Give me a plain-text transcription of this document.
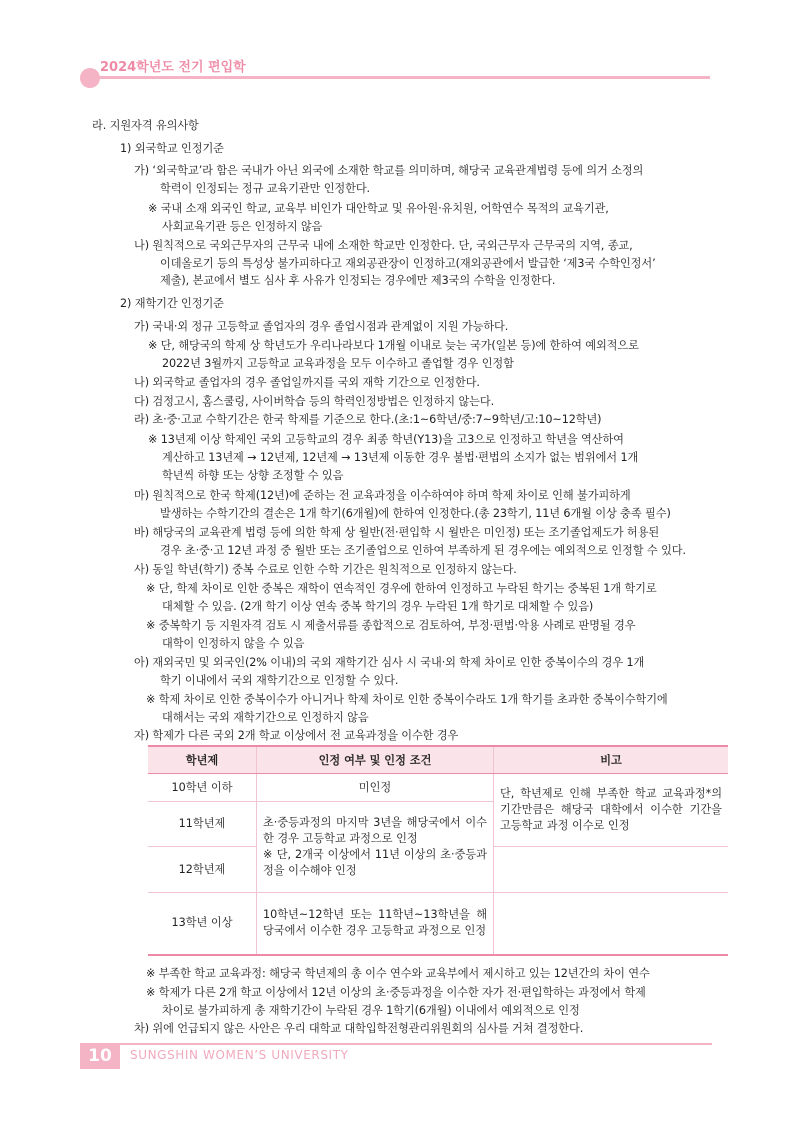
2024학년도 전기 편입학
라. 지원자격 유의사항
1) 외국학교 인정기준
가) ‘외국학교’라 함은 국내가 아닌 외국에 소재한 학교를 의미하며, 해당국 교육관계법령 등에 의거 소정의
학력이 인정되는 정규 교육기관만 인정한다.
※ 국내 소재 외국인 학교, 교육부 비인가 대안학교 및 유아원·유치원, 어학연수 목적의 교육기관,
사회교육기관 등은 인정하지 않음
나) 원칙적으로 국외근무자의 근무국 내에 소재한 학교만 인정한다. 단, 국외근무자 근무국의 지역, 종교,
이데올로기 등의 특성상 불가피하다고 재외공관장이 인정하고(재외공관에서 발급한 ‘제3국 수학인정서’
제출), 본교에서 별도 심사 후 사유가 인정되는 경우에만 제3국의 수학을 인정한다.
2) 재학기간 인정기준
가) 국내·외 정규 고등학교 졸업자의 경우 졸업시점과 관계없이 지원 가능하다.
※ 단, 해당국의 학제 상 학년도가 우리나라보다 1개월 이내로 늦는 국가(일본 등)에 한하여 예외적으로
2022년 3월까지 고등학교 교육과정을 모두 이수하고 졸업할 경우 인정함
나) 외국학교 졸업자의 경우 졸업일까지를 국외 재학 기간으로 인정한다.
다) 검정고시, 홈스쿨링, 사이버학습 등의 학력인정방법은 인정하지 않는다.
라) 초·중·고교 수학기간은 한국 학제를 기준으로 한다.(초:1~6학년/중:7~9학년/고:10~12학년)
※ 13년제 이상 학제인 국외 고등학교의 경우 최종 학년(Y13)을 고3으로 인정하고 학년을 역산하여
계산하고 13년제 → 12년제, 12년제 → 13년제 이동한 경우 불법·편법의 소지가 없는 범위에서 1개
학년씩 하향 또는 상향 조정할 수 있음
마) 원칙적으로 한국 학제(12년)에 준하는 전 교육과정을 이수하여야 하며 학제 차이로 인해 불가피하게
발생하는 수학기간의 결손은 1개 학기(6개월)에 한하여 인정한다.(총 23학기, 11년 6개월 이상 충족 필수)
바) 해당국의 교육관계 법령 등에 의한 학제 상 월반(전·편입학 시 월반은 미인정) 또는 조기졸업제도가 허용된
경우 초·중·고 12년 과정 중 월반 또는 조기졸업으로 인하여 부족하게 된 경우에는 예외적으로 인정할 수 있다.
사) 동일 학년(학기) 중복 수료로 인한 수학 기간은 원칙적으로 인정하지 않는다.
※ 단, 학제 차이로 인한 중복은 재학이 연속적인 경우에 한하여 인정하고 누락된 학기는 중복된 1개 학기로
대체할 수 있음. (2개 학기 이상 연속 중복 학기의 경우 누락된 1개 학기로 대체할 수 있음)
※ 중복학기 등 지원자격 검토 시 제출서류를 종합적으로 검토하여, 부정·편법·악용 사례로 판명될 경우
대학이 인정하지 않을 수 있음
아) 재외국민 및 외국인(2% 이내)의 국외 재학기간 심사 시 국내·외 학제 차이로 인한 중복이수의 경우 1개
학기 이내에서 국외 재학기간으로 인정할 수 있다.
※ 학제 차이로 인한 중복이수가 아니거나 학제 차이로 인한 중복이수라도 1개 학기를 초과한 중복이수학기에
대해서는 국외 재학기간으로 인정하지 않음
자) 학제가 다른 국외 2개 학교 이상에서 전 교육과정을 이수한 경우
학년제	인정 여부 및 인정 조건	비고
10학년 이하	미인정	단, 학년제로 인해 부족한 학교 교육과정*의 기간만큼은 해당국 대학에서 이수한 기간을 고등학교 과정 이수로 인정
11학년제	초·중등과정의 마지막 3년을 해당국에서 이수한 경우 고등학교 과정으로 인정
※ 단, 2개국 이상에서 11년 이상의 초·중등과정을 이수해야 인정	
12학년제		
13학년 이상	10학년~12학년 또는 11학년~13학년을 해당국에서 이수한 경우 고등학교 과정으로 인정	
※ 부족한 학교 교육과정: 해당국 학년제의 총 이수 연수와 교육부에서 제시하고 있는 12년간의 차이 연수
※ 학제가 다른 2개 학교 이상에서 12년 이상의 초·중등과정을 이수한 자가 전·편입학하는 과정에서 학제
차이로 불가피하게 총 재학기간이 누락된 경우 1학기(6개월) 이내에서 예외적으로 인정
차) 위에 언급되지 않은 사안은 우리 대학교 대학입학전형관리위원회의 심사를 거쳐 결정한다.
10	SUNGSHIN WOMEN’S UNIVERSITY
